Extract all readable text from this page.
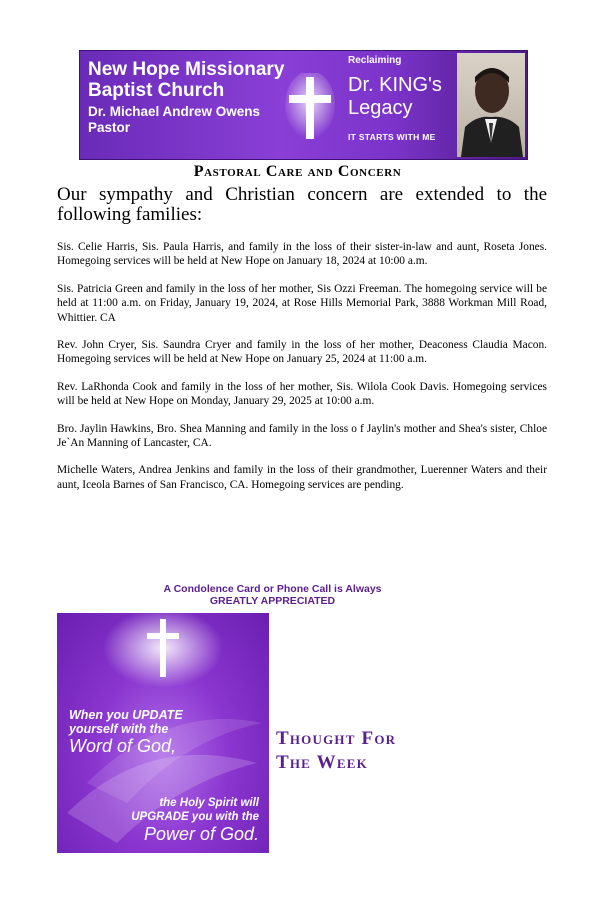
New Hope Missionary Baptist Church
Dr. Michael Andrew Owens
Pastor
Reclaiming
Dr. KING's Legacy
IT STARTS WITH ME
Pastoral Care and Concern
Our sympathy and Christian concern are extended to the following families:

Sis. Celie Harris, Sis. Paula Harris, and family in the loss of their sister-in-law and aunt, Roseta Jones. Homegoing services will be held at New Hope on January 18, 2024 at 10:00 a.m.

Sis. Patricia Green and family in the loss of her mother, Sis Ozzi Freeman. The homegoing service will be held at 11:00 a.m. on Friday, January 19, 2024, at Rose Hills Memorial Park, 3888 Workman Mill Road, Whittier. CA

Rev. John Cryer, Sis. Saundra Cryer and family in the loss of her mother, Deaconess Claudia Macon. Homegoing services will be held at New Hope on January 25, 2024 at 11:00 a.m.

Rev. LaRhonda Cook and family in the loss of her mother, Sis. Wilola Cook Davis. Homegoing services will be held at New Hope on Monday, January 29, 2025 at 10:00 a.m.

Bro. Jaylin Hawkins, Bro. Shea Manning and family in the loss o f Jaylin's mother and Shea's sister, Chloe Je`An Manning of Lancaster, CA.

Michelle Waters, Andrea Jenkins and family in the loss of their grandmother, Luerenner Waters and their aunt, Iceola Barnes of San Francisco, CA. Homegoing services are pending.

A Condolence Card or Phone Call is Always
GREATLY APPRECIATED
When you UPDATE
yourself with the
Word of God,
the Holy Spirit will
UPGRADE you with the
Power of God.
Thought For
The Week
